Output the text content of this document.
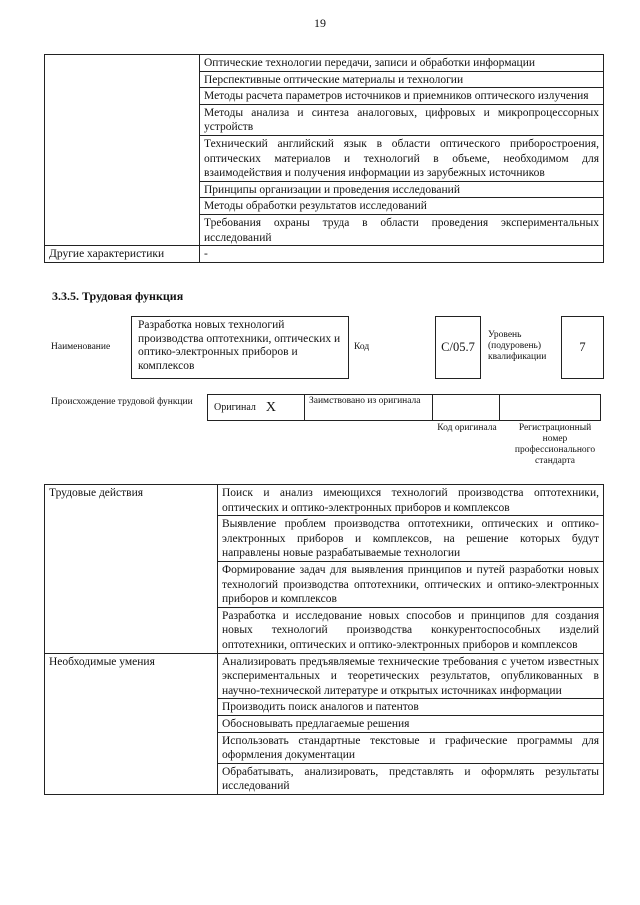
19
	Оптические технологии передачи, записи и обработки информации
	Перспективные оптические материалы и технологии
	Методы расчета параметров источников и приемников оптического излучения
	Методы анализа и синтеза аналоговых, цифровых и микропроцессорных устройств
	Технический английский язык в области оптического приборостроения, оптических материалов и технологий в объеме, необходимом для взаимодействия и получения информации из зарубежных источников
	Принципы организации и проведения исследований
	Методы обработки результатов исследований
	Требования охраны труда в области проведения экспериментальных исследований
Другие характеристики	-
3.3.5. Трудовая функция
Наименование
Разработка новых технологий производства оптотехники, оптических и оптико-электронных приборов и комплексов
Код	C/05.7
Уровень (подуровень) квалификации
7
Происхождение трудовой функции	Оригинал X	Заимствовано из оригинала
Код оригинала	Регистрационный номер профессионального стандарта
Трудовые действия	Поиск и анализ имеющихся технологий производства оптотехники, оптических и оптико-электронных приборов и комплексов
	Выявление проблем производства оптотехники, оптических и оптико-электронных приборов и комплексов, на решение которых будут направлены новые разрабатываемые технологии
	Формирование задач для выявления принципов и путей разработки новых технологий производства оптотехники, оптических и оптико-электронных приборов и комплексов
	Разработка и исследование новых способов и принципов для создания новых технологий производства конкурентоспособных изделий оптотехники, оптических и оптико-электронных приборов и комплексов
Необходимые умения	Анализировать предъявляемые технические требования с учетом известных экспериментальных и теоретических результатов, опубликованных в научно-технической литературе и открытых источниках информации
	Производить поиск аналогов и патентов
	Обосновывать предлагаемые решения
	Использовать стандартные текстовые и графические программы для оформления документации
	Обрабатывать, анализировать, представлять и оформлять результаты исследований
